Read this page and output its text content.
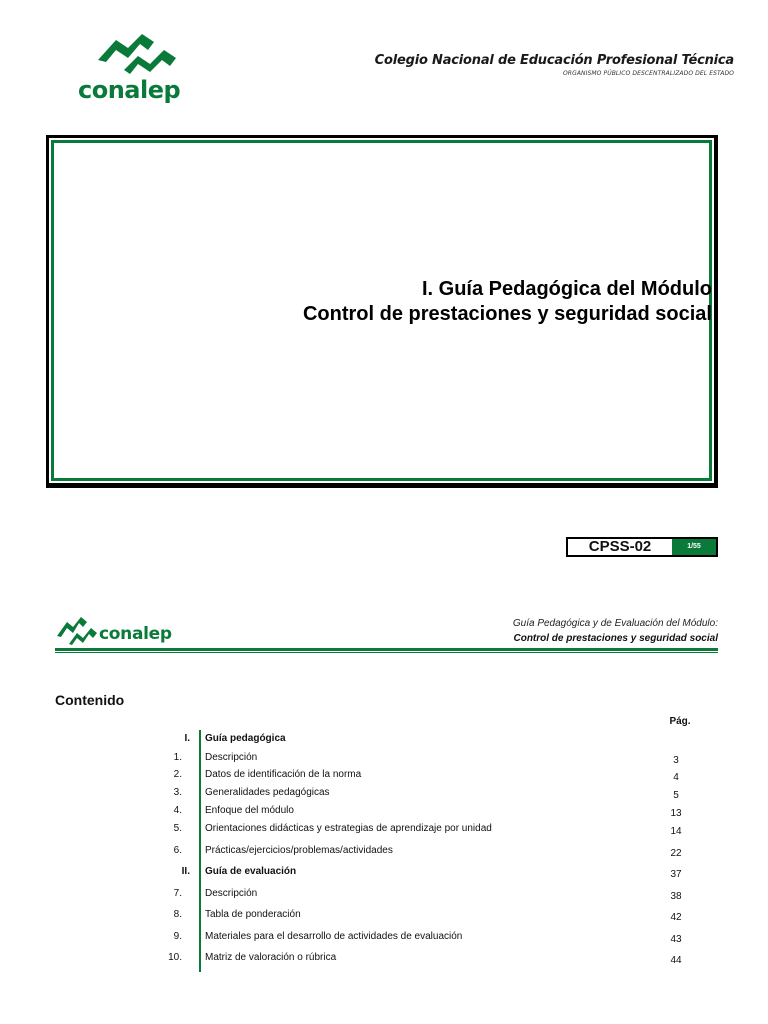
conalep
Colegio Nacional de Educación Profesional Técnica
ORGANISMO PÚBLICO DESCENTRALIZADO DEL ESTADO
I. Guía Pedagógica del Módulo
Control de prestaciones y seguridad social
CPSS-02	1/55
conalep
Guía Pedagógica y de Evaluación del Módulo:
Control de prestaciones y seguridad social
Contenido
Pág.
I. Guía pedagógica
1. Descripción	3
2. Datos de identificación de la norma	4
3. Generalidades pedagógicas	5
4. Enfoque del módulo	13
5. Orientaciones didácticas y estrategias de aprendizaje por unidad	14
6. Prácticas/ejercicios/problemas/actividades	22
II. Guía de evaluación	37
7. Descripción	38
8. Tabla de ponderación	42
9. Materiales para el desarrollo de actividades de evaluación	43
10. Matriz de valoración o rúbrica	44
